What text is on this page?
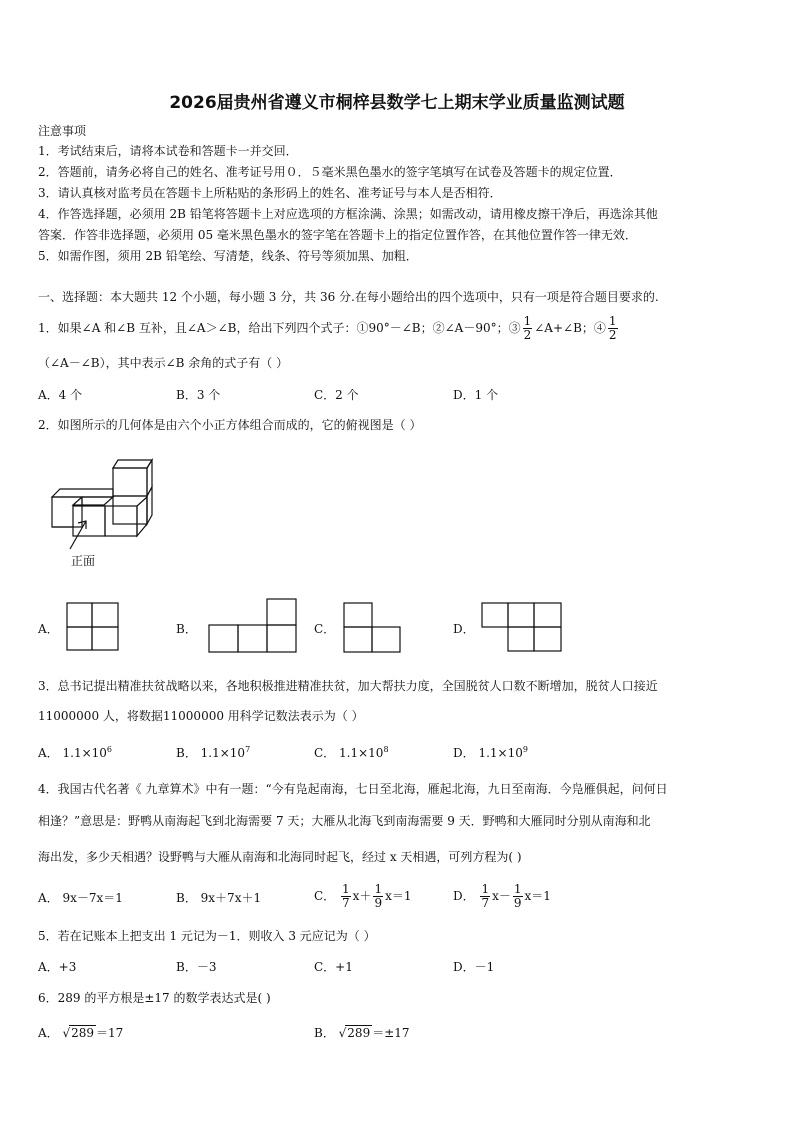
2026届贵州省遵义市桐梓县数学七上期末学业质量监测试题
注意事项
1．考试结束后，请将本试卷和答题卡一并交回．
2．答题前，请务必将自己的姓名、准考证号用０．５毫米黑色墨水的签字笔填写在试卷及答题卡的规定位置．
3．请认真核对监考员在答题卡上所粘贴的条形码上的姓名、准考证号与本人是否相符．
4．作答选择题，必须用 2B 铅笔将答题卡上对应选项的方框涂满、涂黑；如需改动，请用橡皮擦干净后，再选涂其他
答案．作答非选择题，必须用 05 毫米黑色墨水的签字笔在答题卡上的指定位置作答，在其他位置作答一律无效．
5．如需作图，须用 2B 铅笔绘、写清楚，线条、符号等须加黑、加粗．
一、选择题：本大题共 12 个小题，每小题 3 分，共 36 分.在每小题给出的四个选项中，只有一项是符合题目要求的.
1．如果∠A 和∠B 互补，且∠A＞∠B，给出下列四个式子：①90°－∠B；②∠A－90°；③ $\frac{1}{2}$ ∠A+∠B；④ $\frac{1}{2}$
（∠A－∠B），其中表示∠B 余角的式子有（ ）
A．4 个	B．3 个	C．2 个	D．1 个
2．如图所示的几何体是由六个小正方体组合而成的，它的俯视图是（ ）
正面
A．	B．	C．	D．
3．总书记提出精准扶贫战略以来，各地积极推进精准扶贫，加大帮扶力度，全国脱贫人口数不断增加，脱贫人口接近
11000000 人，将数据11000000 用科学记数法表示为（ ）
A． $1.1\times 10^6$	B． $1.1\times 10^7$	C． $1.1\times 10^8$	D． $1.1\times 10^9$
4．我国古代名著《 九章算术》中有一题：“今有凫起南海，七日至北海，雁起北海，九日至南海．今凫雁俱起，问何日
相逢？”意思是：野鸭从南海起飞到北海需要 7 天；大雁从北海飞到南海需要 9 天．野鸭和大雁同时分别从南海和北
海出发，多少天相遇？设野鸭与大雁从南海和北海同时起飞，经过 x 天相遇，可列方程为( )
A． 9x－7x＝1	B． 9x＋7x＋1	C． $\frac{1}{7} x+ \frac{1}{9} x=1$	D． $\frac{1}{7} x- \frac{1}{9} x=1$
5．若在记账本上把支出 1 元记为－1．则收入 3 元应记为（ ）
A．+3	B．－3	C．+1	D．－1
6．289 的平方根是±17 的数学表达式是( )
A． √289 ＝17	B． √289 ＝±17
